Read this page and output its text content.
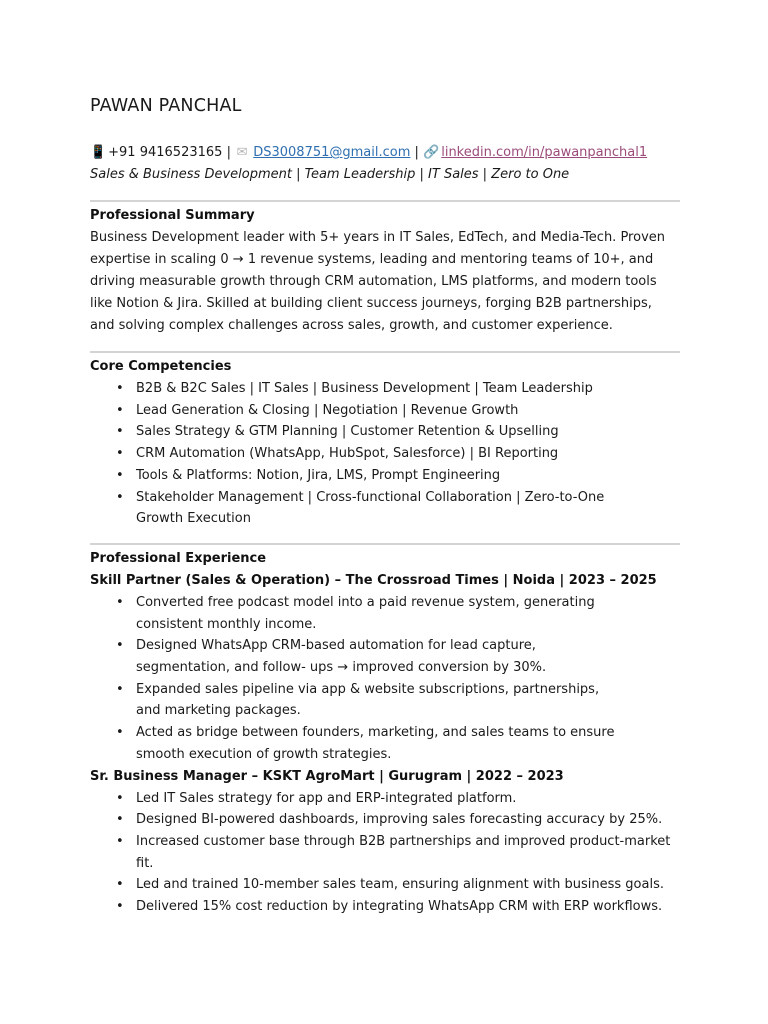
PAWAN PANCHAL
📱 +91 9416523165 | ✉ DS3008751@gmail.com | 🔗 linkedin.com/in/pawanpanchal1
Sales & Business Development | Team Leadership | IT Sales | Zero to One
Professional Summary
Business Development leader with 5+ years in IT Sales, EdTech, and Media-Tech. Proven expertise in scaling 0 → 1 revenue systems, leading and mentoring teams of 10+, and driving measurable growth through CRM automation, LMS platforms, and modern tools like Notion & Jira. Skilled at building client success journeys, forging B2B partnerships, and solving complex challenges across sales, growth, and customer experience.
Core Competencies
• B2B & B2C Sales | IT Sales | Business Development | Team Leadership
• Lead Generation & Closing | Negotiation | Revenue Growth
• Sales Strategy & GTM Planning | Customer Retention & Upselling
• CRM Automation (WhatsApp, HubSpot, Salesforce) | BI Reporting
• Tools & Platforms: Notion, Jira, LMS, Prompt Engineering
• Stakeholder Management | Cross-functional Collaboration | Zero-to-One Growth Execution
Professional Experience
Skill Partner (Sales & Operation) – The Crossroad Times | Noida | 2023 – 2025
• Converted free podcast model into a paid revenue system, generating consistent monthly income.
• Designed WhatsApp CRM-based automation for lead capture, segmentation, and follow- ups → improved conversion by 30%.
• Expanded sales pipeline via app & website subscriptions, partnerships, and marketing packages.
• Acted as bridge between founders, marketing, and sales teams to ensure smooth execution of growth strategies.
Sr. Business Manager – KSKT AgroMart | Gurugram | 2022 – 2023
• Led IT Sales strategy for app and ERP-integrated platform.
• Designed BI-powered dashboards, improving sales forecasting accuracy by 25%.
• Increased customer base through B2B partnerships and improved product-market fit.
• Led and trained 10-member sales team, ensuring alignment with business goals.
• Delivered 15% cost reduction by integrating WhatsApp CRM with ERP workflows.
